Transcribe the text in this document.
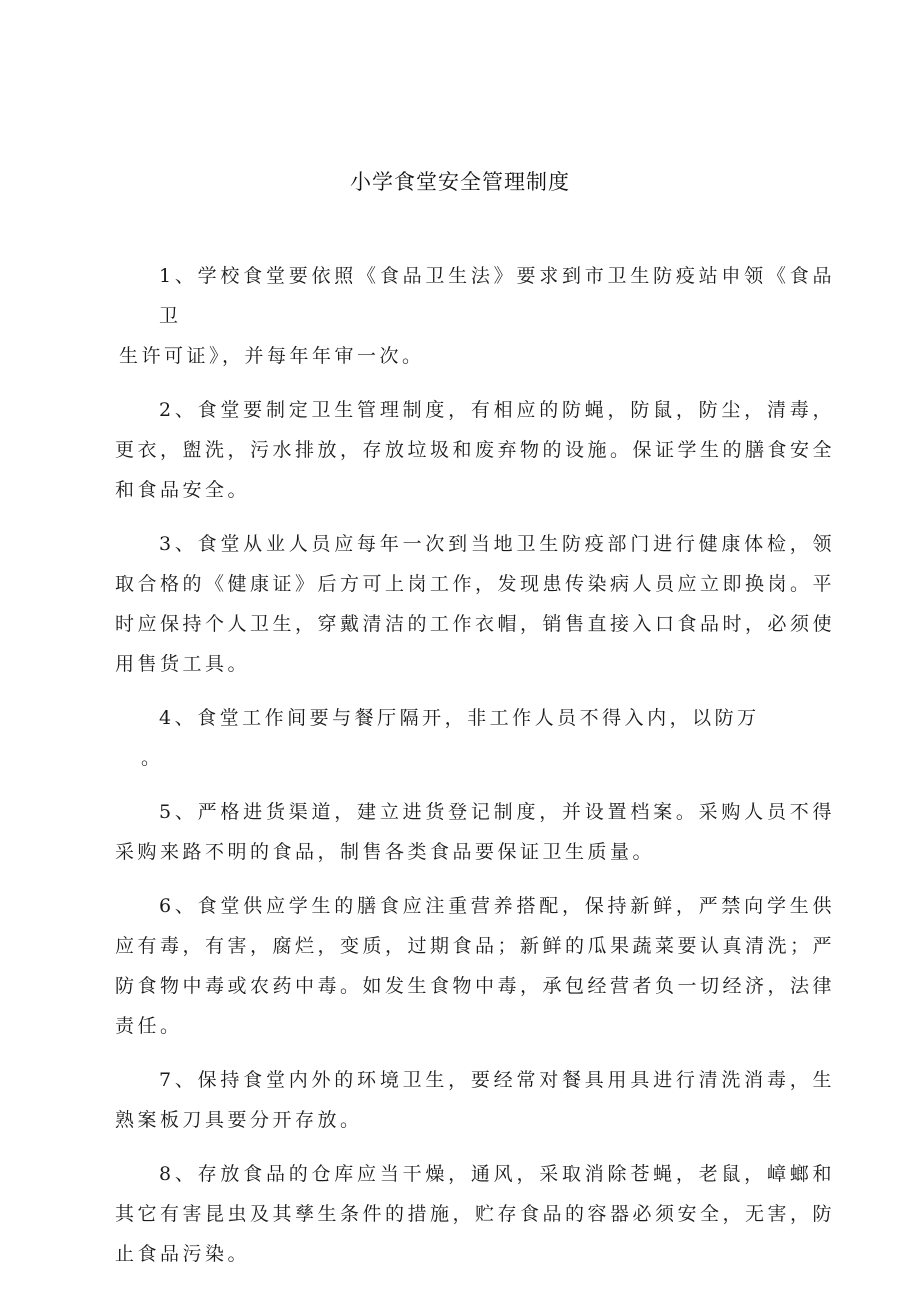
小学食堂安全管理制度

1、学校食堂要依照《食品卫生法》要求到市卫生防疫站申领《食品卫
生许可证》，并每年年审一次。

2、食堂要制定卫生管理制度，有相应的防蝇，防鼠，防尘，清毒，更衣，盥洗，污水排放，存放垃圾和废弃物的设施。保证学生的膳食安全和食品安全。

3、食堂从业人员应每年一次到当地卫生防疫部门进行健康体检，领取合格的《健康证》后方可上岗工作，发现患传染病人员应立即换岗。平时应保持个人卫生，穿戴清洁的工作衣帽，销售直接入口食品时，必须使用售货工具。

4、食堂工作间要与餐厅隔开，非工作人员不得入内，以防万
。

5、严格进货渠道，建立进货登记制度，并设置档案。采购人员不得采购来路不明的食品，制售各类食品要保证卫生质量。

6、食堂供应学生的膳食应注重营养搭配，保持新鲜，严禁向学生供应有毒，有害，腐烂，变质，过期食品；新鲜的瓜果蔬菜要认真清洗；严防食物中毒或农药中毒。如发生食物中毒，承包经营者负一切经济，法律责任。

7、保持食堂内外的环境卫生，要经常对餐具用具进行清洗消毒，生熟案板刀具要分开存放。

8、存放食品的仓库应当干燥，通风，采取消除苍蝇，老鼠，嶂螂和其它有害昆虫及其孳生条件的措施，贮存食品的容器必须安全，无害，防止食品污染。
